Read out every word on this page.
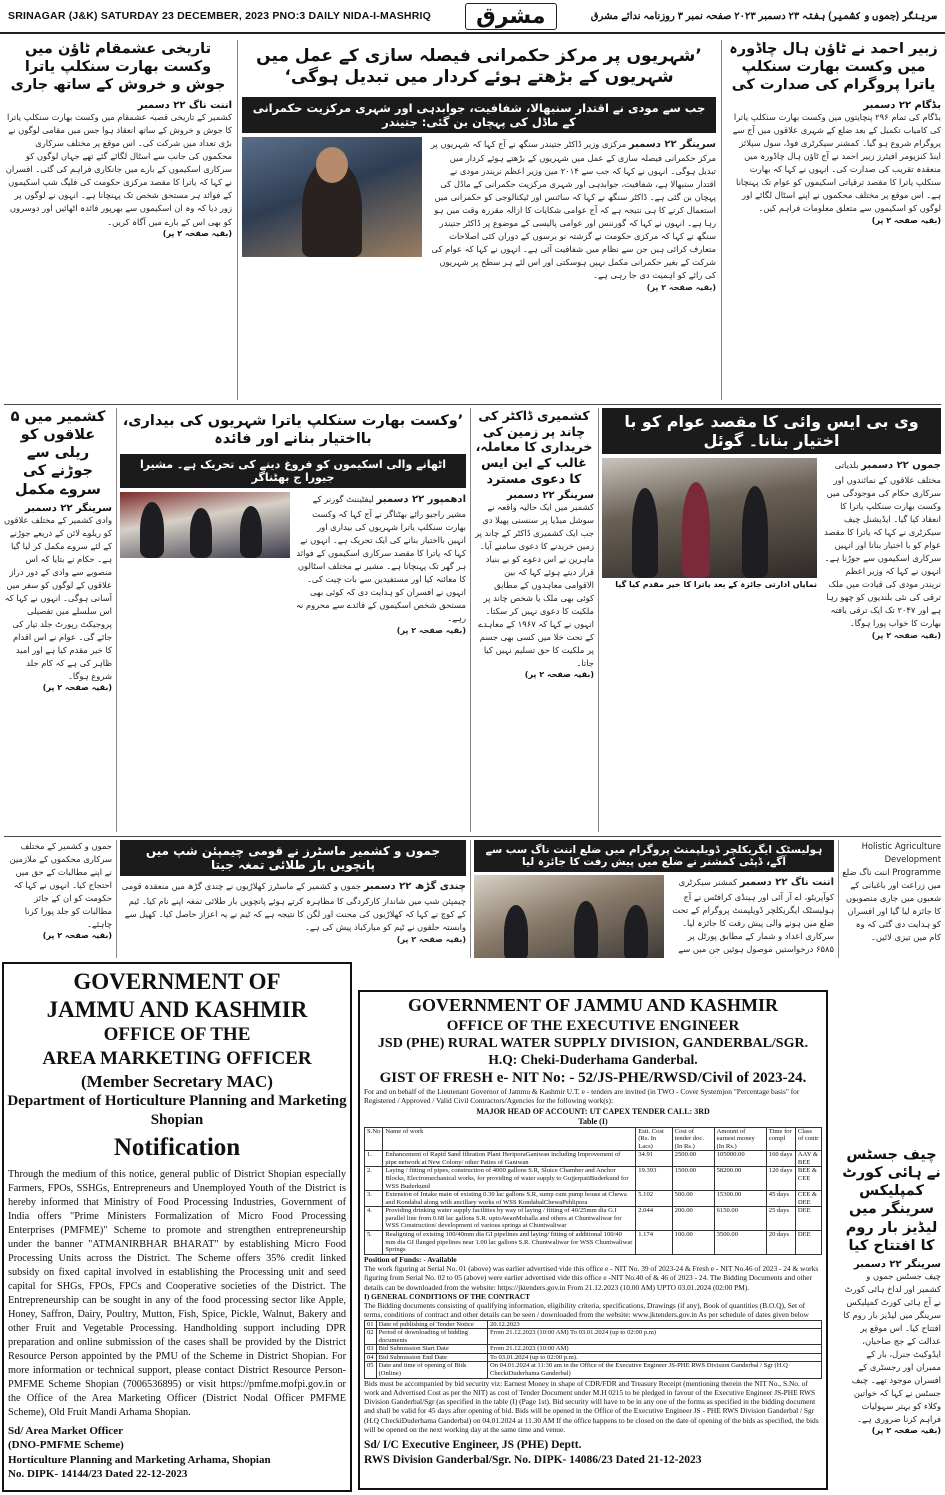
SRINAGAR (J&K) SATURDAY 23 DECEMBER, 2023 PNO:3 DAILY NIDA-I-MASHRIQ	مشرق	سرینگر (جموں و کشمیر) ہفتہ ۲۳ دسمبر ۲۰۲۳ صفحہ نمبر ۳ روزنامہ ندائے مشرق
تاریخی عشمقام ٹاؤن میں وکست بھارت سنکلپ یاترا جوش و خروش کے ساتھ جاری
اننت ناگ ۲۲ دسمبر
کشمیر کے تاریخی قصبہ عشمقام میں وکست بھارت سنکلپ یاترا کا جوش و خروش کے ساتھ انعقاد ہوا جس میں مقامی لوگوں نے بڑی تعداد میں شرکت کی۔ اس موقع پر مختلف سرکاری محکموں کی جانب سے اسٹال لگائے گئے تھے جہاں لوگوں کو سرکاری اسکیموں کے بارے میں جانکاری فراہم کی گئی۔ افسران نے کہا کہ یاترا کا مقصد مرکزی حکومت کی فلیگ شپ اسکیموں کے فوائد ہر مستحق شخص تک پہنچانا ہے۔ انہوں نے لوگوں پر زور دیا کہ وہ ان اسکیموں سے بھرپور فائدہ اٹھائیں اور دوسروں کو بھی اس کے بارے میں آگاہ کریں۔
(بقیہ صفحہ ۲ پر)
’شہریوں پر مرکز حکمرانی فیصلہ سازی کے عمل میں شہریوں کے بڑھتے ہوئے کردار میں تبدیل ہوگی‘
جب سے مودی نے اقتدار سنبھالا، شفافیت، جوابدہی اور شہری مرکزیت حکمرانی کے ماڈل کی پہچان بن گئی: جتیندر
سرینگر ۲۲ دسمبر مرکزی وزیر ڈاکٹر جتیندر سنگھ نے آج کہا کہ شہریوں پر مرکز حکمرانی فیصلہ سازی کے عمل میں شہریوں کے بڑھتے ہوئے کردار میں تبدیل ہوگی۔ انہوں نے کہا کہ جب سے ۲۰۱۴ میں وزیر اعظم نریندر مودی نے اقتدار سنبھالا ہے، شفافیت، جوابدہی اور شہری مرکزیت حکمرانی کے ماڈل کی پہچان بن گئی ہے۔ ڈاکٹر سنگھ نے کہا کہ سائنس اور ٹیکنالوجی کو حکمرانی میں استعمال کرنے کا ہی نتیجہ ہے کہ آج عوامی شکایات کا ازالہ مقررہ وقت میں ہو رہا ہے۔ انہوں نے کہا کہ گورننس اور عوامی پالیسی کے موضوع پر ڈاکٹر جتیندر سنگھ نے کہا کہ مرکزی حکومت نے گزشتہ نو برسوں کے دوران کئی اصلاحات متعارف کرائی ہیں جن سے نظام میں شفافیت آئی ہے۔ انہوں نے کہا کہ عوام کی شرکت کے بغیر حکمرانی مکمل نہیں ہوسکتی اور اس لئے ہر سطح پر شہریوں کی رائے کو اہمیت دی جا رہی ہے۔
(بقیہ صفحہ ۲ پر)
زبیر احمد نے ٹاؤن ہال چاڈورہ میں وکست بھارت سنکلپ یاترا پروگرام کی صدارت کی
بڈگام ۲۲ دسمبر
بڈگام کی تمام ۲۹۶ پنچایتوں میں وکست بھارت سنکلپ یاترا کی کامیاب تکمیل کے بعد ضلع کے شہری علاقوں میں آج سے پروگرام شروع ہو گیا۔ کمشنر سیکرٹری فوڈ، سول سپلائز اینڈ کنزیومر افیئرز زبیر احمد نے آج ٹاؤن ہال چاڈورہ میں منعقدہ تقریب کی صدارت کی۔ انہوں نے کہا کہ بھارت سنکلپ یاترا کا مقصد ترقیاتی اسکیموں کو عوام تک پہنچانا ہے۔ اس موقع پر مختلف محکموں نے اپنے اسٹال لگائے اور لوگوں کو اسکیموں سے متعلق معلومات فراہم کیں۔
(بقیہ صفحہ ۲ پر)
کشمیر میں ۵ علاقوں کو ریلی سے جوڑنے کی سروے مکمل
سرینگر ۲۲ دسمبر
وادی کشمیر کے مختلف علاقوں کو ریلوے لائن کے ذریعے جوڑنے کے لئے سروے مکمل کر لیا گیا ہے۔ حکام نے بتایا کہ اس منصوبے سے وادی کے دور دراز علاقوں کے لوگوں کو سفر میں آسانی ہوگی۔ انہوں نے کہا کہ اس سلسلے میں تفصیلی پروجیکٹ رپورٹ جلد تیار کی جائے گی۔ عوام نے اس اقدام کا خیر مقدم کیا ہے اور امید ظاہر کی ہے کہ کام جلد شروع ہوگا۔
(بقیہ صفحہ ۲ پر)
’وکست بھارت سنکلپ یاترا شہریوں کی بیداری، بااختیار بنانے اور فائدہ
اٹھانے والی اسکیموں کو فروغ دینے کی تحریک ہے۔ مشیرا جیورا ج بھٹناگر
ادھمپور ۲۲ دسمبر لیفٹیننٹ گورنر کے مشیر راجیو رائے بھٹناگر نے آج کہا کہ وکست بھارت سنکلپ یاترا شہریوں کی بیداری اور انہیں بااختیار بنانے کی ایک تحریک ہے۔ انہوں نے کہا کہ یاترا کا مقصد سرکاری اسکیموں کے فوائد ہر گھر تک پہنچانا ہے۔ مشیر نے مختلف اسٹالوں کا معائنہ کیا اور مستفیدین سے بات چیت کی۔ انہوں نے افسران کو ہدایت دی کہ کوئی بھی مستحق شخص اسکیموں کے فائدے سے محروم نہ رہے۔
(بقیہ صفحہ ۲ پر)
کشمیری ڈاکٹر کی چاند پر زمین کی خریداری کا معاملہ، غالب کے این ایس کا دعوی مسترد
سرینگر ۲۲ دسمبر
کشمیر میں ایک حالیہ واقعہ نے سوشل میڈیا پر سنسنی پھیلا دی جب ایک کشمیری ڈاکٹر کے چاند پر زمین خریدنے کا دعوی سامنے آیا۔ ماہرین نے اس دعوے کو بے بنیاد قرار دیتے ہوئے کہا کہ بین الاقوامی معاہدوں کے مطابق کوئی بھی ملک یا شخص چاند پر ملکیت کا دعوی نہیں کر سکتا۔ انہوں نے کہا کہ ۱۹۶۷ کے معاہدے کے تحت خلا میں کسی بھی جسم پر ملکیت کا حق تسلیم نہیں کیا جاتا۔
(بقیہ صفحہ ۲ پر)
وی بی ایس وائی کا مقصد عوام کو با اختیار بنانا۔ گوئل
جموں ۲۲ دسمبر بلدیاتی مختلف علاقوں کے نمائندوں اور سرکاری حکام کی موجودگی میں وکست بھارت سنکلپ یاترا کا انعقاد کیا گیا۔ ایڈیشنل چیف سیکرٹری نے کہا کہ یاترا کا مقصد عوام کو با اختیار بنانا اور انہیں سرکاری اسکیموں سے جوڑنا ہے۔ انہوں نے کہا کہ وزیر اعظم نریندر مودی کی قیادت میں ملک ترقی کی نئی بلندیوں کو چھو رہا ہے اور ۲۰۴۷ تک ایک ترقی یافتہ بھارت کا خواب پورا ہوگا۔
(بقیہ صفحہ ۲ پر)
نمایاں ادارتی جائزہ کے بعد یاترا کا خیر مقدم کیا گیا
جموں و کشمیر کے مختلف سرکاری محکموں کے ملازمین نے اپنے مطالبات کے حق میں احتجاج کیا۔ انہوں نے کہا کہ حکومت کو ان کے جائز مطالبات کو جلد پورا کرنا چاہئے۔
(بقیہ صفحہ ۲ پر)
جموں و کشمیر ماسٹرز نے قومی چیمپئن شپ میں پانچویں بار طلائی تمغہ جیتا
چندی گڑھ ۲۲ دسمبر جموں و کشمیر کے ماسٹرز کھلاڑیوں نے چندی گڑھ میں منعقدہ قومی چیمپئن شپ میں شاندار کارکردگی کا مظاہرہ کرتے ہوئے پانچویں بار طلائی تمغہ اپنے نام کیا۔ ٹیم کے کوچ نے کہا کہ کھلاڑیوں کی محنت اور لگن کا نتیجہ ہے کہ ٹیم نے یہ اعزاز حاصل کیا۔ کھیل سے وابستہ حلقوں نے ٹیم کو مبارکباد پیش کی ہے۔
(بقیہ صفحہ ۲ پر)
ہولیسٹک ایگریکلچر ڈویلپمنٹ پروگرام میں ضلع اننت ناگ سب سے آگے، ڈپٹی کمشنر نے ضلع میں پیش رفت کا جائزہ لیا
اننت ناگ ۲۲ دسمبر کمشنر سیکرٹری کوآپریٹو، اے آر آئی اور ہینڈی کرافٹس نے آج ہولیسٹک ایگریکلچر ڈویلپمنٹ پروگرام کے تحت ضلع میں ہونے والی پیش رفت کا جائزہ لیا۔ سرکاری اعداد و شمار کے مطابق پورٹل پر ۶۵۸۵ درخواستیں موصول ہوئیں جن میں سے
Holistic Agriculture Development Programme اننت ناگ ضلع میں زراعت اور باغبانی کے شعبوں میں جاری منصوبوں کا جائزہ لیا گیا اور افسران کو ہدایت دی گئی کہ وہ کام میں تیزی لائیں۔
چیف جسٹس نے ہائی کورٹ کمپلیکس سرینگر میں لیڈیز بار روم کا افتتاح کیا
سرینگر ۲۲ دسمبر
چیف جسٹس جموں و کشمیر اور لداخ ہائی کورٹ نے آج ہائی کورٹ کمپلیکس سرینگر میں لیڈیز بار روم کا افتتاح کیا۔ اس موقع پر عدالت کے جج صاحبان، ایڈوکیٹ جنرل، بار کے ممبران اور رجسٹری کے افسران موجود تھے۔ چیف جسٹس نے کہا کہ خواتین وکلاء کو بہتر سہولیات فراہم کرنا ضروری ہے۔
(بقیہ صفحہ ۲ پر)
GOVERNMENT OF
JAMMU AND KASHMIR
OFFICE OF THE
AREA MARKETING OFFICER
(Member Secretary MAC)
Department of Horticulture Planning and Marketing Shopian
Notification
Through the medium of this notice, general public of District Shopian especially Farmers, FPOs, SSHGs, Entrepreneurs and Unemployed Youth of the District is hereby informed that Ministry of Food Processing Industries, Government of India offers "Prime Ministers Formalization of Micro Food Processing Enterprises (PMFME)" Scheme to promote and strengthen entrepreneurship under the banner "ATMANIRBHAR BHARAT" by establishing Micro Food Processing Units across the District. The Scheme offers 35% credit linked subsidy on fixed capital involved in establishing the Processing unit and seed capital for SHGs, FPOs, FPCs and Cooperative societies of the District. The Entrepreneurship can be sought in any of the food processing sector like Apple, Honey, Saffron, Dairy, Poultry, Mutton, Fish, Spice, Pickle, Walnut, Bakery and other Fruit and Vegetable Processing. Handholding support including DPR preparation and online submission of the cases shall be provided by the District Resource Person appointed by the PMU of the Scheme in District Shopian. For more information or technical support, please contact District Resource Person-PMFME Scheme Shopian (7006536895) or visit https://pmfme.mofpi.gov.in or the Office of the Area Marketing Officer (District Nodal Officer PMFME Scheme), Old Fruit Mandi Arhama Shopian.
Sd/ Area Market Officer
(DNO-PMFME Scheme)
Horticulture Planning and Marketing Arhama, Shopian
No. DIPK- 14144/23 Dated 22-12-2023
GOVERNMENT OF JAMMU AND KASHMIR
OFFICE OF THE EXECUTIVE ENGINEER
JSD (PHE) RURAL WATER SUPPLY DIVISION, GANDERBAL/SGR.
H.Q: Cheki-Duderhama Ganderbal.
GIST OF FRESH e- NIT No: - 52/JS-PHE/RWSD/Civil of 2023-24.
For and on behalf of the Lieutenant Governor of Jammu & Kashmir U.T. e - tenders are invited (in TWO - Cover System)on "Percentage basis" for Registered / Approved / Valid Civil Contractors/Agencies for the following work(s):
MAJOR HEAD OF ACCOUNT: UT CAPEX TENDER CALL: 3RD
Table (I)
S.No	Name of work	Estt. Cost (Rs. In Lacs)	Cost of tender doc. (In Rs.)	Amount of earnest money (In Rs.)	Time for compl	Class of contr
1.	Enhancement of Rapid Sand filtration Plant HeriporaGaniwan including Improvement of pipe network at New Colony/ other Paties of Ganiwan	34.91	2500.00	105000.00	160 days	AAY & BEE
2.	Laying / fitting of pipes, construction of 4000 gallons S.R, Sluice Chamber and Anchor Blocks, Electromechanical works, for providing of water supply to GujjerpatiBuderkund for WSS Buderkund	19.393	1500.00	58200.00	120 days	BEE & CEE
3.	Extension of Intake main of existing 0.30 lac gallons S.R, sump cum pump house at Chewa and Kondabal along with ancillary works of WSS KondabalChewaPehlipora	5.102	500.00	15300.00	45 days	CEE & DEE
4.	Providing drinking water supply facilities by way of laying / fitting of 40/25mm dia G.I parallel line from 0.68 lac gallons S.R. uptoAwanMohalla and others at Chuntwaliwar for WSS Construction/ development of various springs at Chuntwaliwar	2.044	200.00	6150.00	25 days	DEE
5.	Realigning of existing 100/40mm dia GI pipelines and laying/ fitting of additional 100/40 mm dia GI flanged pipelines near 1.00 lac gallons S.R. Chuntwaliwar for WSS Chuntwaliwar Springs	1.174	100.00	3500.00	20 days	DEE
Position of Funds: - Available
The work figuring at Serial No. 01 (above) was earlier advertised vide this office e - NIT No. 39 of 2023-24 & Fresh e - NIT No.46 of 2023 - 24 & works figuring from Serial No. 02 to 05 (above) were earlier advertised vide this office e -NIT No.40 of & 46 of 2023 - 24. The Bidding Documents and other details can be downloaded from the website: https://jktenders.gov.in From 21.12.2023 (10.00 AM) UPTO 03.01.2024 (02:00 PM).
I) GENERAL CONDITIONS OF THE CONTRACT
The Bidding documents consisting of qualifying information, eligibility criteria, specifications, Drawings (if any), Book of quantities (B.O.Q), Set of terms, conditions of contract and other details can be seen / downloaded from the website: www.jktenders.gov.in As per schedule of dates given below
01	Date of publishing of Tender Notice	20.12.2023
02	Period of downloading of bidding documents	From 21.12.2023 (10:00 AM) To 03.01.2024 (up to 02:00 p.m)
03	Bid Submission Start Date	From 21.12.2023 (10:00 AM)
04	Bid Submission End Date	To 03.01.2024 (up to 02:00 p.m).
05	Date and time of opening of Bids (Online)	On 04.01.2024 at 11:30 am in the Office of the Executive Engineer JS-PHE RWS Division Ganderbal / Sgr (H.Q CheckiDuderhama Ganderbal)
Bids must be accompanied by bid security viz: Earnest Money in shape of CDR/FDR and Treasury Receipt (mentioning therein the NIT No., S.No. of work and Advertised Cost as per the NIT) as cost of Tender Document under M.H 0215 to be pledged in favour of the Executive Engineer JS-PHE RWS Division Ganderbal/Sgr (as specified in the table (I) (Page 1st). Bid security will have to be in any one of the forms as specified in the bidding document and shall be valid for 45 days after opening of bid. Bids will be opened in the Office of the Executive Engineer JS - PHE RWS Division Ganderbal / Sgr (H.Q CheckiDuderhama Ganderbal) on 04.01.2024 at 11.30 AM If the office happens to be closed on the date of opening of the bids as specified, the bids will be opened on the next working day at the same time and venue.
Sd/ I/C Executive Engineer, JS (PHE) Deptt.
RWS Division Ganderbal/Sgr. No. DIPK- 14086/23 Dated 21-12-2023
